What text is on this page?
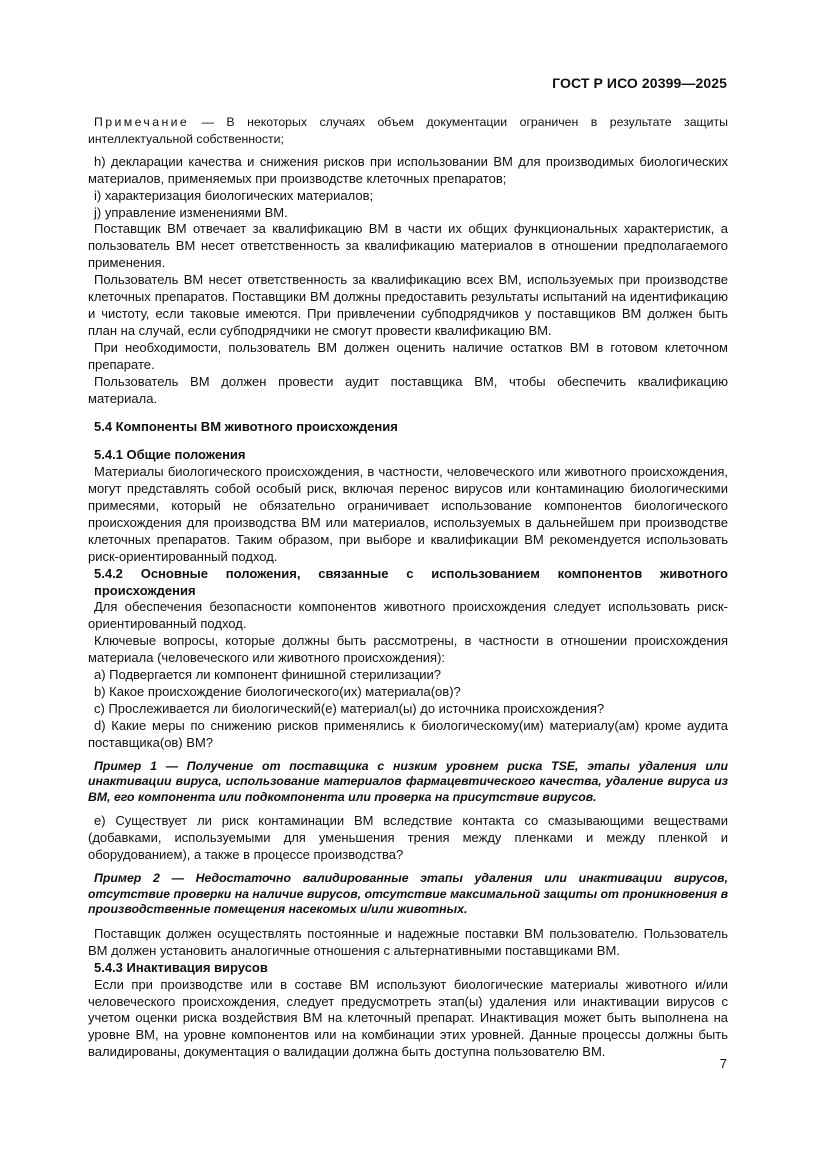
ГОСТ Р ИСО 20399—2025

Примечание — В некоторых случаях объем документации ограничен в результате защиты интеллектуальной собственности;

h) декларации качества и снижения рисков при использовании ВМ для производимых биологических материалов, применяемых при производстве клеточных препаратов;

i) характеризация биологических материалов;

j) управление изменениями ВМ.

Поставщик ВМ отвечает за квалификацию ВМ в части их общих функциональных характеристик, а пользователь ВМ несет ответственность за квалификацию материалов в отношении предполагаемого применения.

Пользователь ВМ несет ответственность за квалификацию всех ВМ, используемых при производстве клеточных препаратов. Поставщики ВМ должны предоставить результаты испытаний на идентификацию и чистоту, если таковые имеются. При привлечении субподрядчиков у поставщиков ВМ должен быть план на случай, если субподрядчики не смогут провести квалификацию ВМ.

При необходимости, пользователь ВМ должен оценить наличие остатков ВМ в готовом клеточном препарате.

Пользователь ВМ должен провести аудит поставщика ВМ, чтобы обеспечить квалификацию материала.

5.4 Компоненты ВМ животного происхождения
5.4.1 Общие положения

Материалы биологического происхождения, в частности, человеческого или животного происхождения, могут представлять собой особый риск, включая перенос вирусов или контаминацию биологическими примесями, который не обязательно ограничивает использование компонентов биологического происхождения для производства ВМ или материалов, используемых в дальнейшем при производстве клеточных препаратов. Таким образом, при выборе и квалификации ВМ рекомендуется использовать риск-ориентированный подход.

5.4.2 Основные положения, связанные с использованием компонентов животного происхождения

Для обеспечения безопасности компонентов животного происхождения следует использовать риск-ориентированный подход.

Ключевые вопросы, которые должны быть рассмотрены, в частности в отношении происхождения материала (человеческого или животного происхождения):

a) Подвергается ли компонент финишной стерилизации?

b) Какое происхождение биологического(их) материала(ов)?

c) Прослеживается ли биологический(е) материал(ы) до источника происхождения?

d) Какие меры по снижению рисков применялись к биологическому(им) материалу(ам) кроме аудита поставщика(ов) ВМ?

Пример 1 — Получение от поставщика с низким уровнем риска TSE, этапы удаления или инактивации вируса, использование материалов фармацевтического качества, удаление вируса из ВМ, его компонента или подкомпонента или проверка на присутствие вирусов.

e) Существует ли риск контаминации ВМ вследствие контакта со смазывающими веществами (добавками, используемыми для уменьшения трения между пленками и между пленкой и оборудованием), а также в процессе производства?

Пример 2 — Недостаточно валидированные этапы удаления или инактивации вирусов, отсутствие проверки на наличие вирусов, отсутствие максимальной защиты от проникновения в производственные помещения насекомых и/или животных.

Поставщик должен осуществлять постоянные и надежные поставки ВМ пользователю. Пользователь ВМ должен установить аналогичные отношения с альтернативными поставщиками ВМ.

5.4.3 Инактивация вирусов

Если при производстве или в составе ВМ используют биологические материалы животного и/или человеческого происхождения, следует предусмотреть этап(ы) удаления или инактивации вирусов с учетом оценки риска воздействия ВМ на клеточный препарат. Инактивация может быть выполнена на уровне ВМ, на уровне компонентов или на комбинации этих уровней. Данные процессы должны быть валидированы, документация о валидации должна быть доступна пользователю ВМ.

7
